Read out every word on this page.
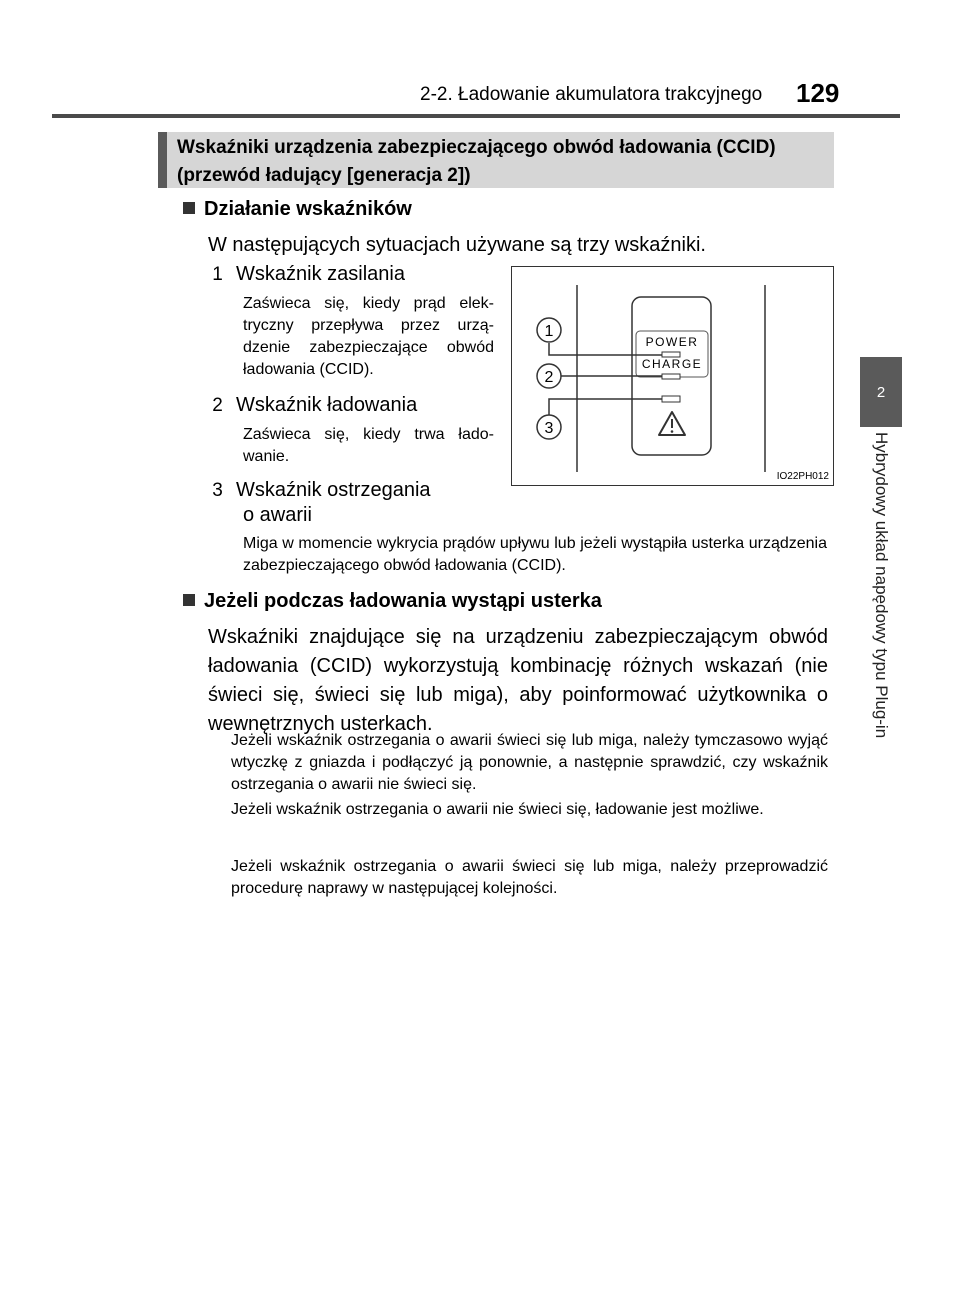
2-2. Ładowanie akumulatora trakcyjnego 129
2
Hybrydowy układ napędowy typu Plug-in
Wskaźniki urządzenia zabezpieczającego obwód ładowania (CCID)
(przewód ładujący [generacja 2])
Działanie wskaźników
W następujących sytuacjach używane są trzy wskaźniki.
1 Wskaźnik zasilania
Zaświeca się, kiedy prąd elektryczny przepływa przez urządzenie zabezpieczające obwód ładowania (CCID).
2 Wskaźnik ładowania
Zaświeca się, kiedy trwa ładowanie.
3 Wskaźnik ostrzegania
o awarii
Miga w momencie wykrycia prądów upływu lub jeżeli wystąpiła usterka urządzenia zabezpieczającego obwód ładowania (CCID).
POWER
CHARGE
1
2
3
IO22PH012
Jeżeli podczas ładowania wystąpi usterka
Wskaźniki znajdujące się na urządzeniu zabezpieczającym obwód ładowania (CCID) wykorzystują kombinację różnych wskazań (nie świeci się, świeci się lub miga), aby poinformować użytkownika o wewnętrznych usterkach.
Jeżeli wskaźnik ostrzegania o awarii świeci się lub miga, należy tymczasowo wyjąć wtyczkę z gniazda i podłączyć ją ponownie, a następnie sprawdzić, czy wskaźnik ostrzegania o awarii nie świeci się.
Jeżeli wskaźnik ostrzegania o awarii nie świeci się, ładowanie jest możliwe.
Jeżeli wskaźnik ostrzegania o awarii świeci się lub miga, należy przeprowadzić procedurę naprawy w następującej kolejności.
